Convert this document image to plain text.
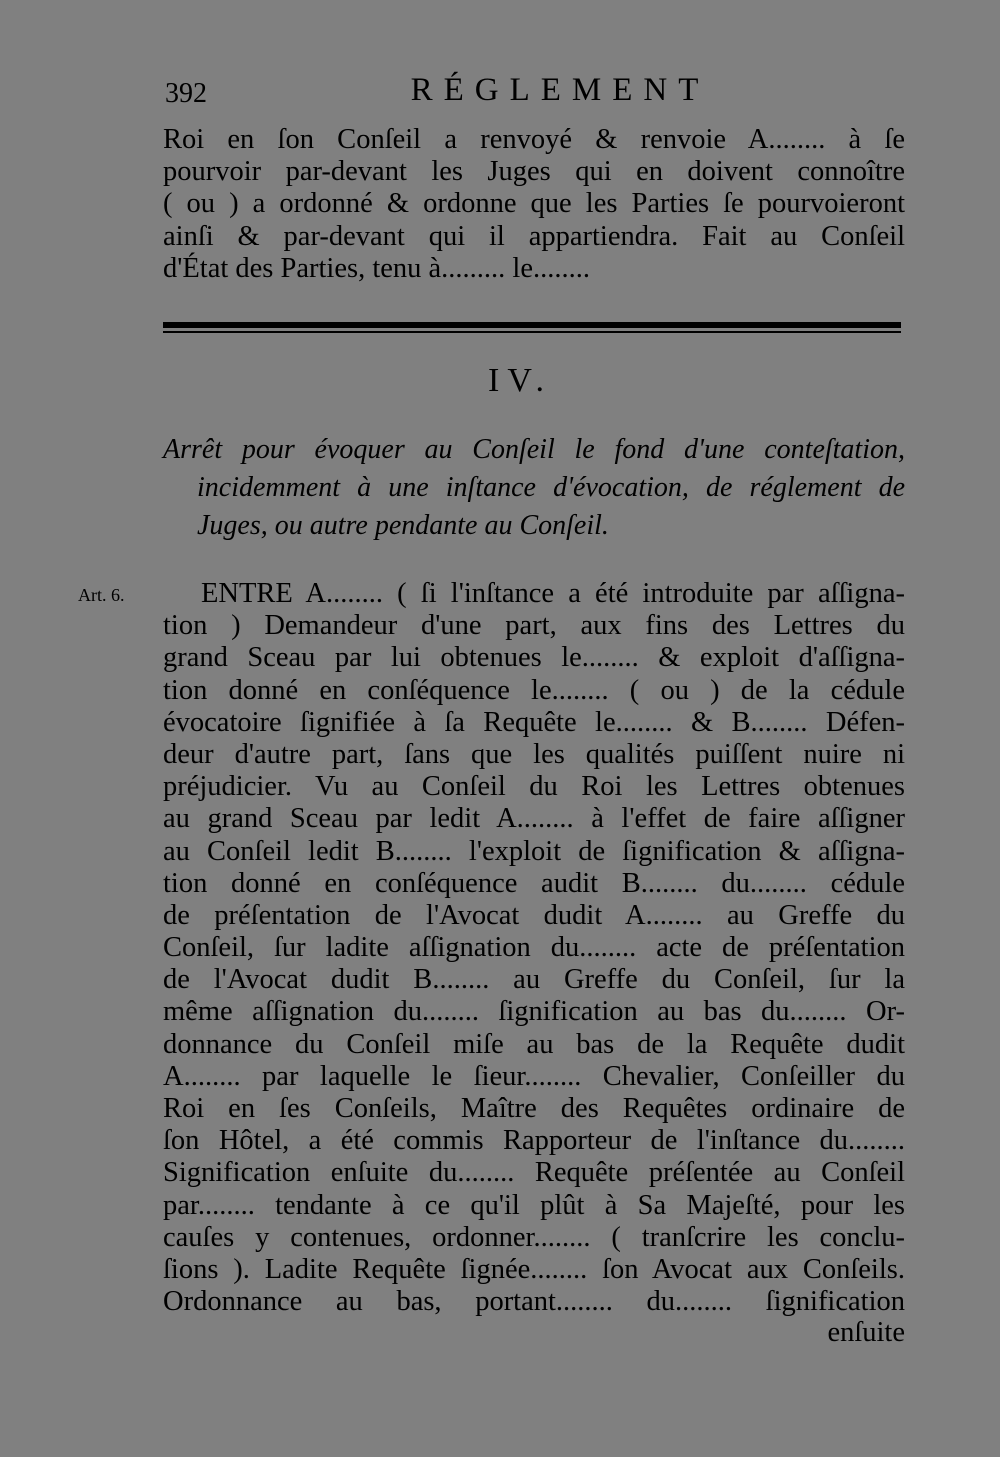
392	RÉGLEMENT
Roi en ſon Conſeil a renvoyé & renvoie A........ à ſe
pourvoir par-devant les Juges qui en doivent connoître
( ou ) a ordonné & ordonne que les Parties ſe pourvoieront
ainſi & par-devant qui il appartiendra. Fait au Conſeil
d'État des Parties, tenu à......... le........
IV.
Arrêt pour évoquer au Conſeil le fond d'une conteſtation,
incidemment à une inſtance d'évocation, de réglement de
Juges, ou autre pendante au Conſeil.
Art. 6.	ENTRE A........ ( ſi l'inſtance a été introduite par aſſigna-
tion ) Demandeur d'une part, aux fins des Lettres du
grand Sceau par lui obtenues le........ & exploit d'aſſigna-
tion donné en conſéquence le........ ( ou ) de la cédule
évocatoire ſignifiée à ſa Requête le........ & B........ Défen-
deur d'autre part, ſans que les qualités puiſſent nuire ni
préjudicier. Vu au Conſeil du Roi les Lettres obtenues
au grand Sceau par ledit A........ à l'effet de faire aſſigner
au Conſeil ledit B........ l'exploit de ſignification & aſſigna-
tion donné en conſéquence audit B........ du........ cédule
de préſentation de l'Avocat dudit A........ au Greffe du
Conſeil, ſur ladite aſſignation du........ acte de préſentation
de l'Avocat dudit B........ au Greffe du Conſeil, ſur la
même aſſignation du........ ſignification au bas du........ Or-
donnance du Conſeil miſe au bas de la Requête dudit
A........ par laquelle le ſieur........ Chevalier, Conſeiller du
Roi en ſes Conſeils, Maître des Requêtes ordinaire de
ſon Hôtel, a été commis Rapporteur de l'inſtance du........
Signification enſuite du........ Requête préſentée au Conſeil
par........ tendante à ce qu'il plût à Sa Majeſté, pour les
cauſes y contenues, ordonner........ ( tranſcrire les conclu-
ſions ). Ladite Requête ſignée........ ſon Avocat aux Conſeils.
Ordonnance au bas, portant........ du........ ſignification
enſuite
